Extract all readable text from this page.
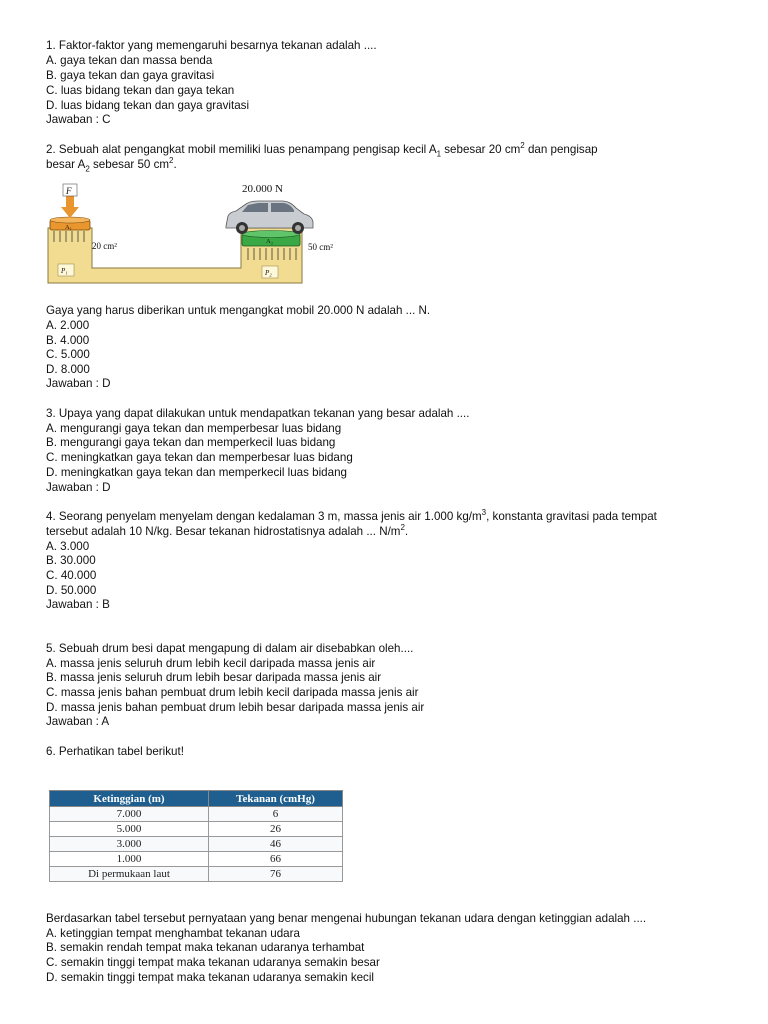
1. Faktor-faktor yang memengaruhi besarnya tekanan adalah ....
A. gaya tekan dan massa benda
B. gaya tekan dan gaya gravitasi
C. luas bidang tekan dan gaya tekan
D. luas bidang tekan dan gaya gravitasi
Jawaban : C
2. Sebuah alat pengangkat mobil memiliki luas penampang pengisap kecil $A_1$ sebesar 20 $cm^2$ dan pengisap
besar $A_2$ sebesar 50 $cm^2$.
F
A₁
20 cm²
P₁
A₂
50 cm²
P₂
20.000 N
Gaya yang harus diberikan untuk mengangkat mobil 20.000 N adalah ... N.
A. 2.000
B. 4.000
C. 5.000
D. 8.000
Jawaban : D
3. Upaya yang dapat dilakukan untuk mendapatkan tekanan yang besar adalah ....
A. mengurangi gaya tekan dan memperbesar luas bidang
B. mengurangi gaya tekan dan memperkecil luas bidang
C. meningkatkan gaya tekan dan memperbesar luas bidang
D. meningkatkan gaya tekan dan memperkecil luas bidang
Jawaban : D
4. Seorang penyelam menyelam dengan kedalaman 3 m, massa jenis air 1.000 $kg/m^3$, konstanta gravitasi pada tempat
tersebut adalah 10 N/kg. Besar tekanan hidrostatisnya adalah ... $N/m^2$.
A. 3.000
B. 30.000
C. 40.000
D. 50.000
Jawaban : B
5. Sebuah drum besi dapat mengapung di dalam air disebabkan oleh....
A. massa jenis seluruh drum lebih kecil daripada massa jenis air
B. massa jenis seluruh drum lebih besar daripada massa jenis air
C. massa jenis bahan pembuat drum lebih kecil daripada massa jenis air
D. massa jenis bahan pembuat drum lebih besar daripada massa jenis air
Jawaban : A
6. Perhatikan tabel berikut!
Ketinggian (m)	Tekanan (cmHg)
7.000	6
5.000	26
3.000	46
1.000	66
Di permukaan laut	76
Berdasarkan tabel tersebut pernyataan yang benar mengenai hubungan tekanan udara dengan ketinggian adalah ....
A. ketinggian tempat menghambat tekanan udara
B. semakin rendah tempat maka tekanan udaranya terhambat
C. semakin tinggi tempat maka tekanan udaranya semakin besar
D. semakin tinggi tempat maka tekanan udaranya semakin kecil
